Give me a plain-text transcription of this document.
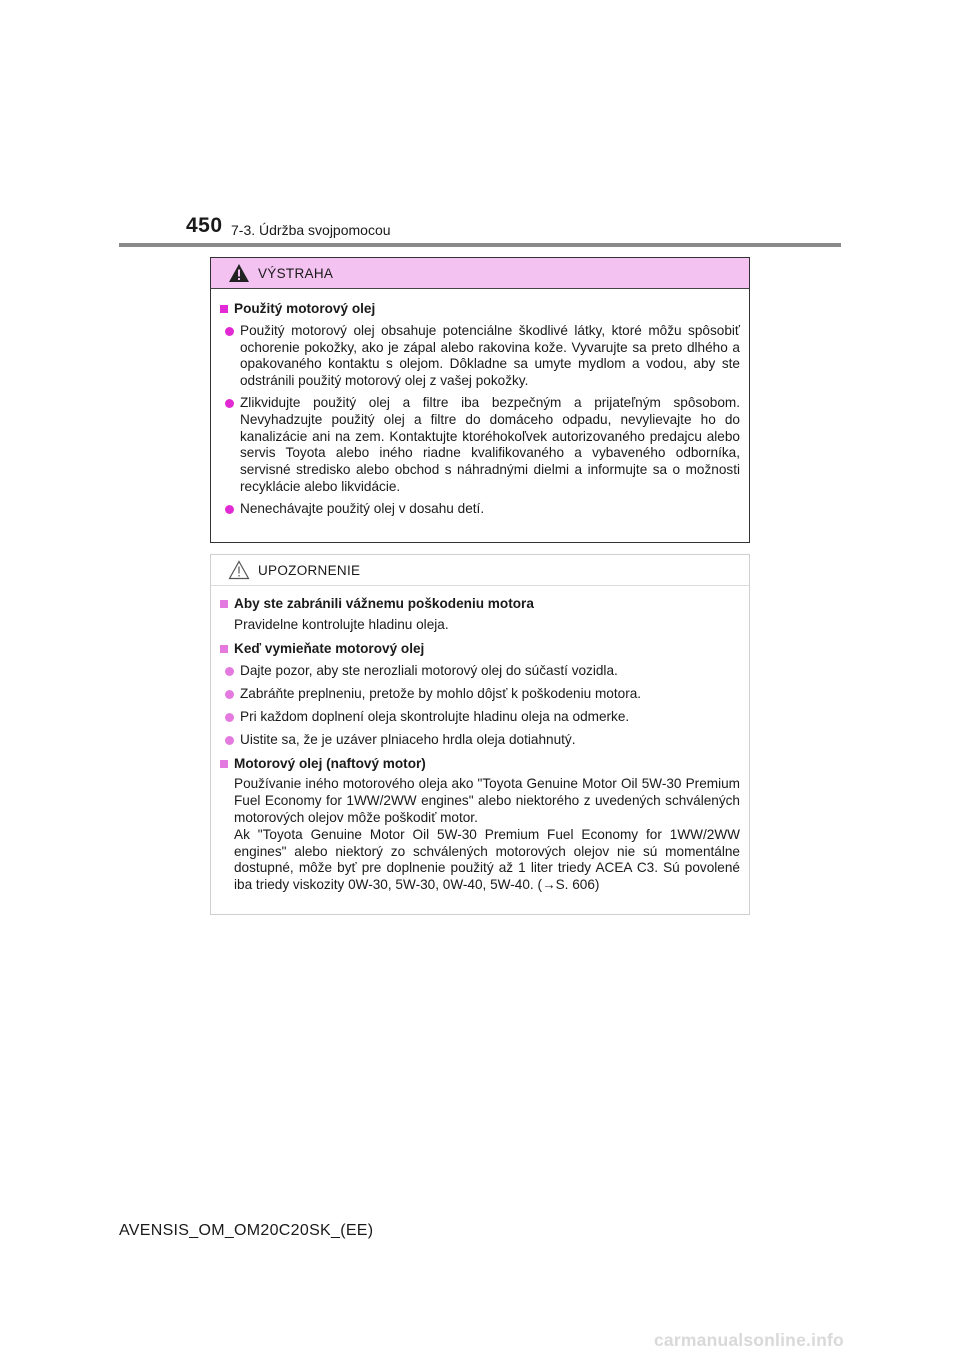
450 7-3. Údržba svojpomocou
VÝSTRAHA
Použitý motorový olej
Použitý motorový olej obsahuje potenciálne škodlivé látky, ktoré môžu spôsobiť ochorenie pokožky, ako je zápal alebo rakovina kože. Vyvarujte sa preto dlhého a opakovaného kontaktu s olejom. Dôkladne sa umyte mydlom a vodou, aby ste odstránili použitý motorový olej z vašej pokožky.
Zlikvidujte použitý olej a filtre iba bezpečným a prijateľným spôsobom. Nevyhadzujte použitý olej a filtre do domáceho odpadu, nevylievajte ho do kanalizácie ani na zem. Kontaktujte ktoréhokoľvek autorizovaného predajcu alebo servis Toyota alebo iného riadne kvalifikovaného a vybaveného odborníka, servisné stredisko alebo obchod s náhradnými dielmi a informujte sa o možnosti recyklácie alebo likvidácie.
Nenechávajte použitý olej v dosahu detí.
UPOZORNENIE
Aby ste zabránili vážnemu poškodeniu motora
Pravidelne kontrolujte hladinu oleja.
Keď vymieňate motorový olej
Dajte pozor, aby ste nerozliali motorový olej do súčastí vozidla.
Zabráňte preplneniu, pretože by mohlo dôjsť k poškodeniu motora.
Pri každom doplnení oleja skontrolujte hladinu oleja na odmerke.
Uistite sa, že je uzáver plniaceho hrdla oleja dotiahnutý.
Motorový olej (naftový motor)
Používanie iného motorového oleja ako "Toyota Genuine Motor Oil 5W-30 Premium Fuel Economy for 1WW/2WW engines" alebo niektorého z uvedených schválených motorových olejov môže poškodiť motor.
Ak "Toyota Genuine Motor Oil 5W-30 Premium Fuel Economy for 1WW/2WW engines" alebo niektorý zo schválených motorových olejov nie sú momentálne dostupné, môže byť pre doplnenie použitý až 1 liter triedy ACEA C3. Sú povolené iba triedy viskozity 0W-30, 5W-30, 0W-40, 5W-40. (→S. 606)
AVENSIS_OM_OM20C20SK_(EE)
carmanualsonline.info
